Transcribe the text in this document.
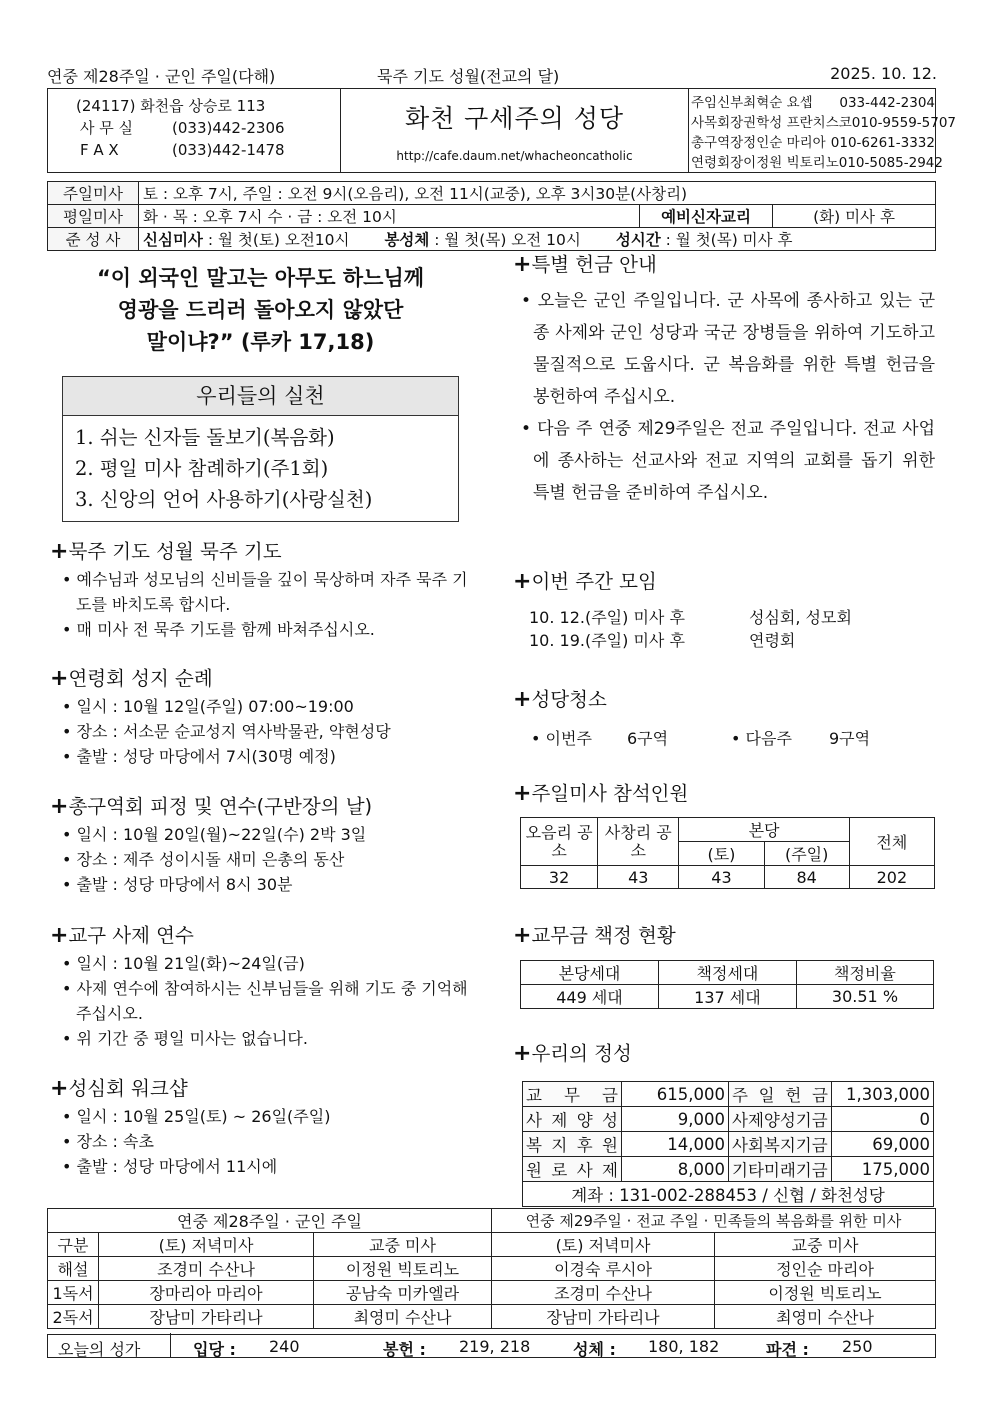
연중 제28주일 · 군인 주일(다해)	묵주 기도 성월(전교의 달)	2025. 10. 12.
(24117) 화천읍 상승로 113
사 무 실	(033)442-2306
F A X	(033)442-1478
화천 구세주의 성당
http://cafe.daum.net/whacheoncatholic
주임신부 최혁순 요셉	033-442-2304
사목회장 권학성 프란치스코 010-9559-5707
총구역장 정인순 마리아 010-6261-3332
연령회장 이정원 빅토리노 010-5085-2942
주일미사	토 : 오후 7시, 주일 : 오전 9시(오음리), 오전 11시(교중), 오후 3시30분(사창리)		
평일미사	화 · 목 : 오후 7시 수 · 금 : 오전 10시	예비신자교리	(화) 미사 후
준 성 사	신심미사 : 월 첫(토) 오전10시 봉성체 : 월 첫(목) 오전 10시 성시간 : 월 첫(목) 미사 후		
“이 외국인 말고는 아무도 하느님께
영광을 드리러 돌아오지 않았단
말이냐?” (루카 17,18)
우리들의 실천
1. 쉬는 신자들 돌보기(복음화)
2. 평일 미사 참례하기(주1회)
3. 신앙의 언어 사용하기(사랑실천)
+묵주 기도 성월 묵주 기도
• 예수님과 성모님의 신비들을 깊이 묵상하며 자주 묵주 기도를 바치도록 합시다.
• 매 미사 전 묵주 기도를 함께 바쳐주십시오.
+연령회 성지 순례
• 일시 : 10월 12일(주일) 07:00~19:00
• 장소 : 서소문 순교성지 역사박물관, 약현성당
• 출발 : 성당 마당에서 7시(30명 예정)
+총구역회 피정 및 연수(구반장의 날)
• 일시 : 10월 20일(월)~22일(수) 2박 3일
• 장소 : 제주 성이시돌 새미 은총의 동산
• 출발 : 성당 마당에서 8시 30분
+교구 사제 연수
• 일시 : 10월 21일(화)~24일(금)
• 사제 연수에 참여하시는 신부님들을 위해 기도 중 기억해 주십시오.
• 위 기간 중 평일 미사는 없습니다.
+성심회 워크샵
• 일시 : 10월 25일(토) ~ 26일(주일)
• 장소 : 속초
• 출발 : 성당 마당에서 11시에
+특별 헌금 안내
• 오늘은 군인 주일입니다. 군 사목에 종사하고 있는 군종 사제와 군인 성당과 국군 장병들을 위하여 기도하고 물질적으로 도웁시다. 군 복음화를 위한 특별 헌금을 봉헌하여 주십시오.
• 다음 주 연중 제29주일은 전교 주일입니다. 전교 사업에 종사하는 선교사와 전교 지역의 교회를 돕기 위한 특별 헌금을 준비하여 주십시오.
+이번 주간 모임
10. 12.(주일) 미사 후	성심회, 성모회
10. 19.(주일) 미사 후	연령회
+성당청소
• 이번주	6구역	• 다음주	9구역
+주일미사 참석인원
오음리 공소	사창리 공소	본당		전체
		(토)	(주일)	
32	43	43	84	202
+교무금 책정 현황
본당세대	책정세대	책정비율
449 세대	137 세대	30.51 %
+우리의 정성
교 무 금	615,000	주 일 헌 금	1,303,000
사 제 양 성	9,000	사제양성기금	0
복 지 후 원	14,000	사회복지기금	69,000
원 로 사 제	8,000	기타미래기금	175,000
계좌 : 131-002-288453 / 신협 / 화천성당			
연중 제28주일 · 군인 주일			연중 제29주일 · 전교 주일 · 민족들의 복음화를 위한 미사	
구분	(토) 저녁미사	교중 미사	(토) 저녁미사	교중 미사
해설	조경미 수산나	이정원 빅토리노	이경숙 루시아	정인순 마리아
1독서	장마리아 마리아	공남숙 미카엘라	조경미 수산나	이정원 빅토리노
2독서	장남미 가타리나	최영미 수산나	장남미 가타리나	최영미 수산나
오늘의 성가	입당 : 240	봉헌 : 219, 218	성체 : 180, 182	파견 : 250
